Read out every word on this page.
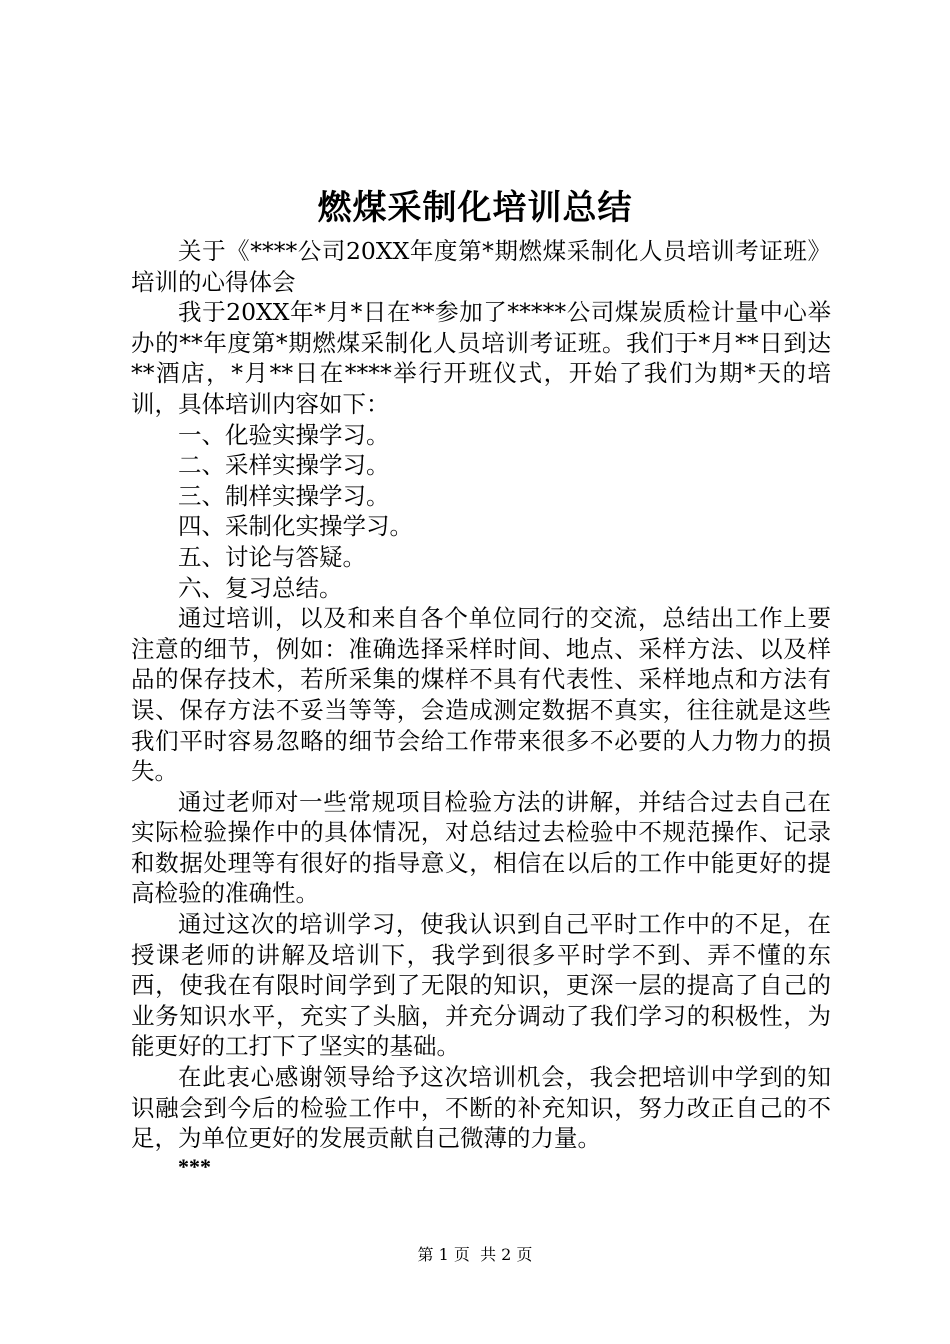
燃煤采制化培训总结

关于《****公司20XX年度第*期燃煤采制化人员培训考证班》培训的心得体会

我于20XX年*月*日在**参加了*****公司煤炭质检计量中心举办的**年度第*期燃煤采制化人员培训考证班。我们于*月**日到达**酒店，*月**日在****举行开班仪式，开始了我们为期*天的培训，具体培训内容如下：

一、化验实操学习。

二、采样实操学习。

三、制样实操学习。

四、采制化实操学习。

五、讨论与答疑。

六、复习总结。

通过培训，以及和来自各个单位同行的交流，总结出工作上要注意的细节，例如：准确选择采样时间、地点、采样方法、以及样品的保存技术，若所采集的煤样不具有代表性、采样地点和方法有误、保存方法不妥当等等，会造成测定数据不真实，往往就是这些我们平时容易忽略的细节会给工作带来很多不必要的人力物力的损失。

通过老师对一些常规项目检验方法的讲解，并结合过去自己在实际检验操作中的具体情况，对总结过去检验中不规范操作、记录和数据处理等有很好的指导意义，相信在以后的工作中能更好的提高检验的准确性。

通过这次的培训学习，使我认识到自己平时工作中的不足，在授课老师的讲解及培训下，我学到很多平时学不到、弄不懂的东西，使我在有限时间学到了无限的知识，更深一层的提高了自己的业务知识水平，充实了头脑，并充分调动了我们学习的积极性，为能更好的工打下了坚实的基础。

在此衷心感谢领导给予这次培训机会，我会把培训中学到的知识融会到今后的检验工作中，不断的补充知识，努力改正自己的不足，为单位更好的发展贡献自己微薄的力量。

***
第 1 页  共 2 页
